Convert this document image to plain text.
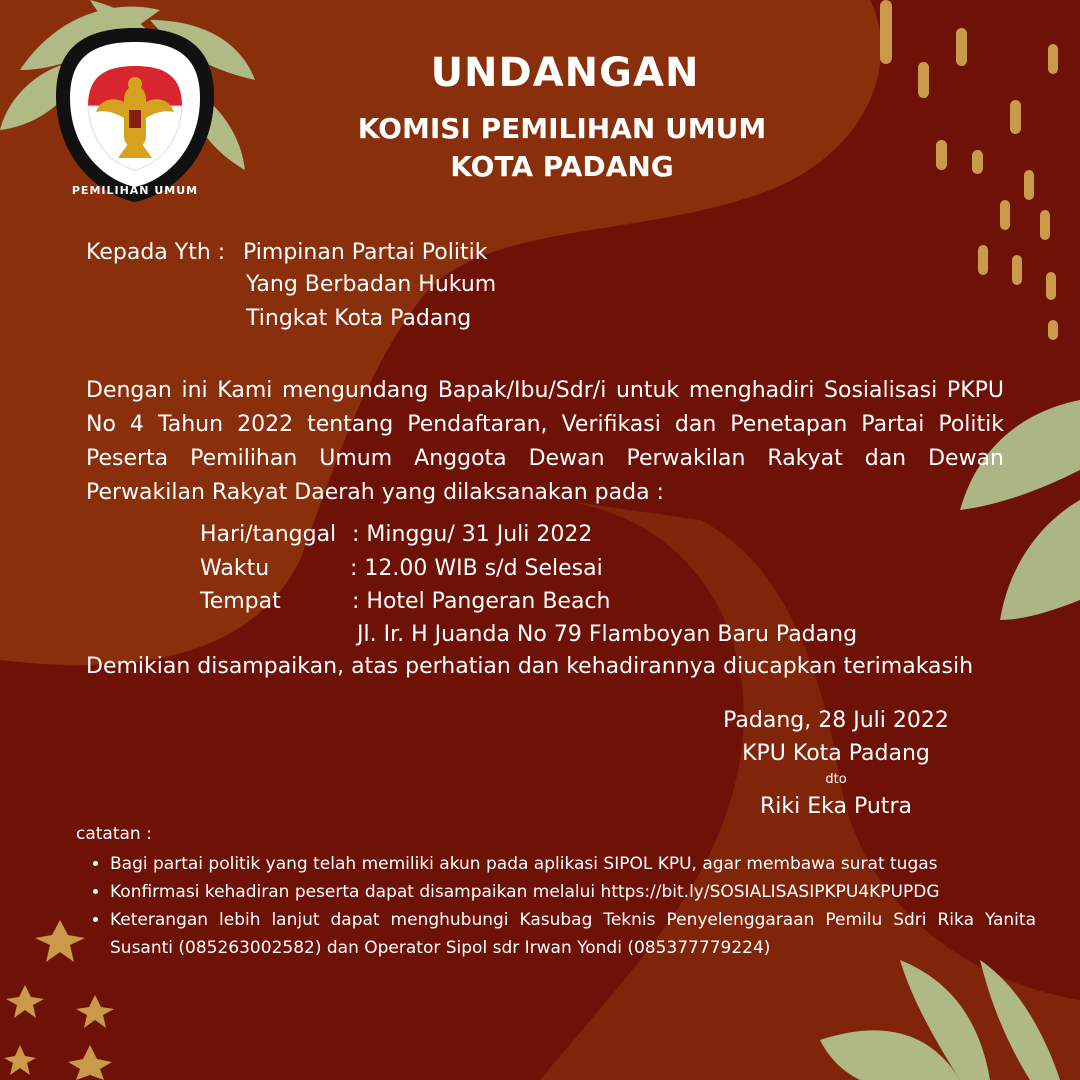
KOMISI
PEMILIHAN UMUM
UNDANGAN
KOMISI PEMILIHAN UMUM
KOTA PADANG
Kepada Yth : Pimpinan Partai Politik
Yang Berbadan Hukum
Tingkat Kota Padang
Dengan ini Kami mengundang Bapak/Ibu/Sdr/i untuk menghadiri Sosialisasi PKPU No 4 Tahun 2022 tentang Pendaftaran, Verifikasi dan Penetapan Partai Politik Peserta Pemilihan Umum Anggota Dewan Perwakilan Rakyat dan Dewan Perwakilan Rakyat Daerah yang dilaksanakan pada :
Hari/tanggal : Minggu/ 31 Juli 2022
Waktu	: 12.00 WIB s/d Selesai
Tempat	: Hotel Pangeran Beach
Jl. Ir. H Juanda No 79 Flamboyan Baru Padang
Demikian disampaikan, atas perhatian dan kehadirannya diucapkan terimakasih
Padang, 28 Juli 2022
KPU Kota Padang
dto
Riki Eka Putra
catatan :
• Bagi partai politik yang telah memiliki akun pada aplikasi SIPOL KPU, agar membawa surat tugas
• Konfirmasi kehadiran peserta dapat disampaikan melalui https://bit.ly/SOSIALISASIPKPU4KPUPDG
• Keterangan lebih lanjut dapat menghubungi Kasubag Teknis Penyelenggaraan Pemilu Sdri Rika Yanita Susanti (085263002582) dan Operator Sipol sdr Irwan Yondi (085377779224)
